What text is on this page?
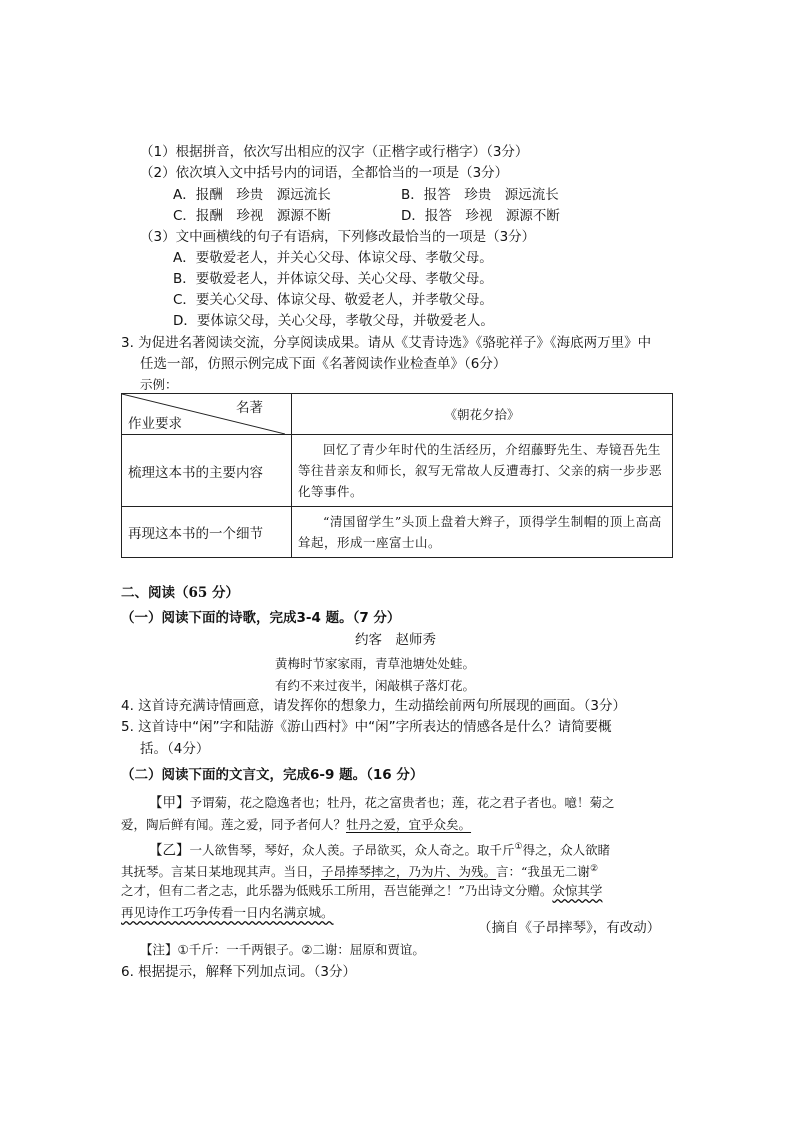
（1）根据拼音，依次写出相应的汉字（正楷字或行楷字）（3分）
（2）依次填入文中括号内的词语，全都恰当的一项是（3分）
A．报酬　珍贵　源远流长	B．报答　珍贵　源远流长
C．报酬　珍视　源源不断	D．报答　珍视　源源不断
（3）文中画横线的句子有语病，下列修改最恰当的一项是（3分）
A．要敬爱老人，并关心父母、体谅父母、孝敬父母。
B．要敬爱老人，并体谅父母、关心父母、孝敬父母。
C．要关心父母、体谅父母、敬爱老人，并孝敬父母。
D．要体谅父母，关心父母，孝敬父母，并敬爱老人。
3. 为促进名著阅读交流，分享阅读成果。请从《艾青诗选》《骆驼祥子》《海底两万里》中
任选一部，仿照示例完成下面《名著阅读作业检查单》（6分）
示例：
名著
作业要求	《朝花夕拾》
梳理这本书的主要内容	回忆了青少年时代的生活经历，介绍藤野先生、寿镜吾先生等往昔亲友和师长，叙写无常故人反遭毒打、父亲的病一步步恶化等事件。

再现这本书的一个细节	“清国留学生”头顶上盘着大辫子，顶得学生制帽的顶上高高耸起，形成一座富士山。
二、阅读（65 分）
（一）阅读下面的诗歌，完成3-4 题。（7 分）
约客　赵师秀
黄梅时节家家雨，青草池塘处处蛙。
有约不来过夜半，闲敲棋子落灯花。
4. 这首诗充满诗情画意，请发挥你的想象力，生动描绘前两句所展现的画面。（3分）
5. 这首诗中“闲”字和陆游《游山西村》中“闲”字所表达的情感各是什么？请简要概
括。（4分）
（二）阅读下面的文言文，完成6-9 题。（16 分）
【甲】予谓菊，花之隐逸者也；牡丹，花之富贵者也；莲，花之君子者也。噫！菊之
爱，陶后鲜有闻。莲之爱，同予者何人？牡丹之爱，宜乎众矣。
【乙】一人欲售琴，琴好，众人羡。子昂欲买，众人奇之。取千斤①得之，众人欲睹
其抚琴。言某日某地现其声。当日，子昂捧琴摔之，乃为片、为残。言：“我虽无二谢②
之才，但有二者之志，此乐器为低贱乐工所用，吾岂能弹之！”乃出诗文分赠。众惊其学
再见诗作工巧争传看一日内名满京城。
（摘自《子昂摔琴》，有改动）
【注】①千斤：一千两银子。②二谢：屈原和贾谊。
6. 根据提示，解释下列加点词。（3分）
